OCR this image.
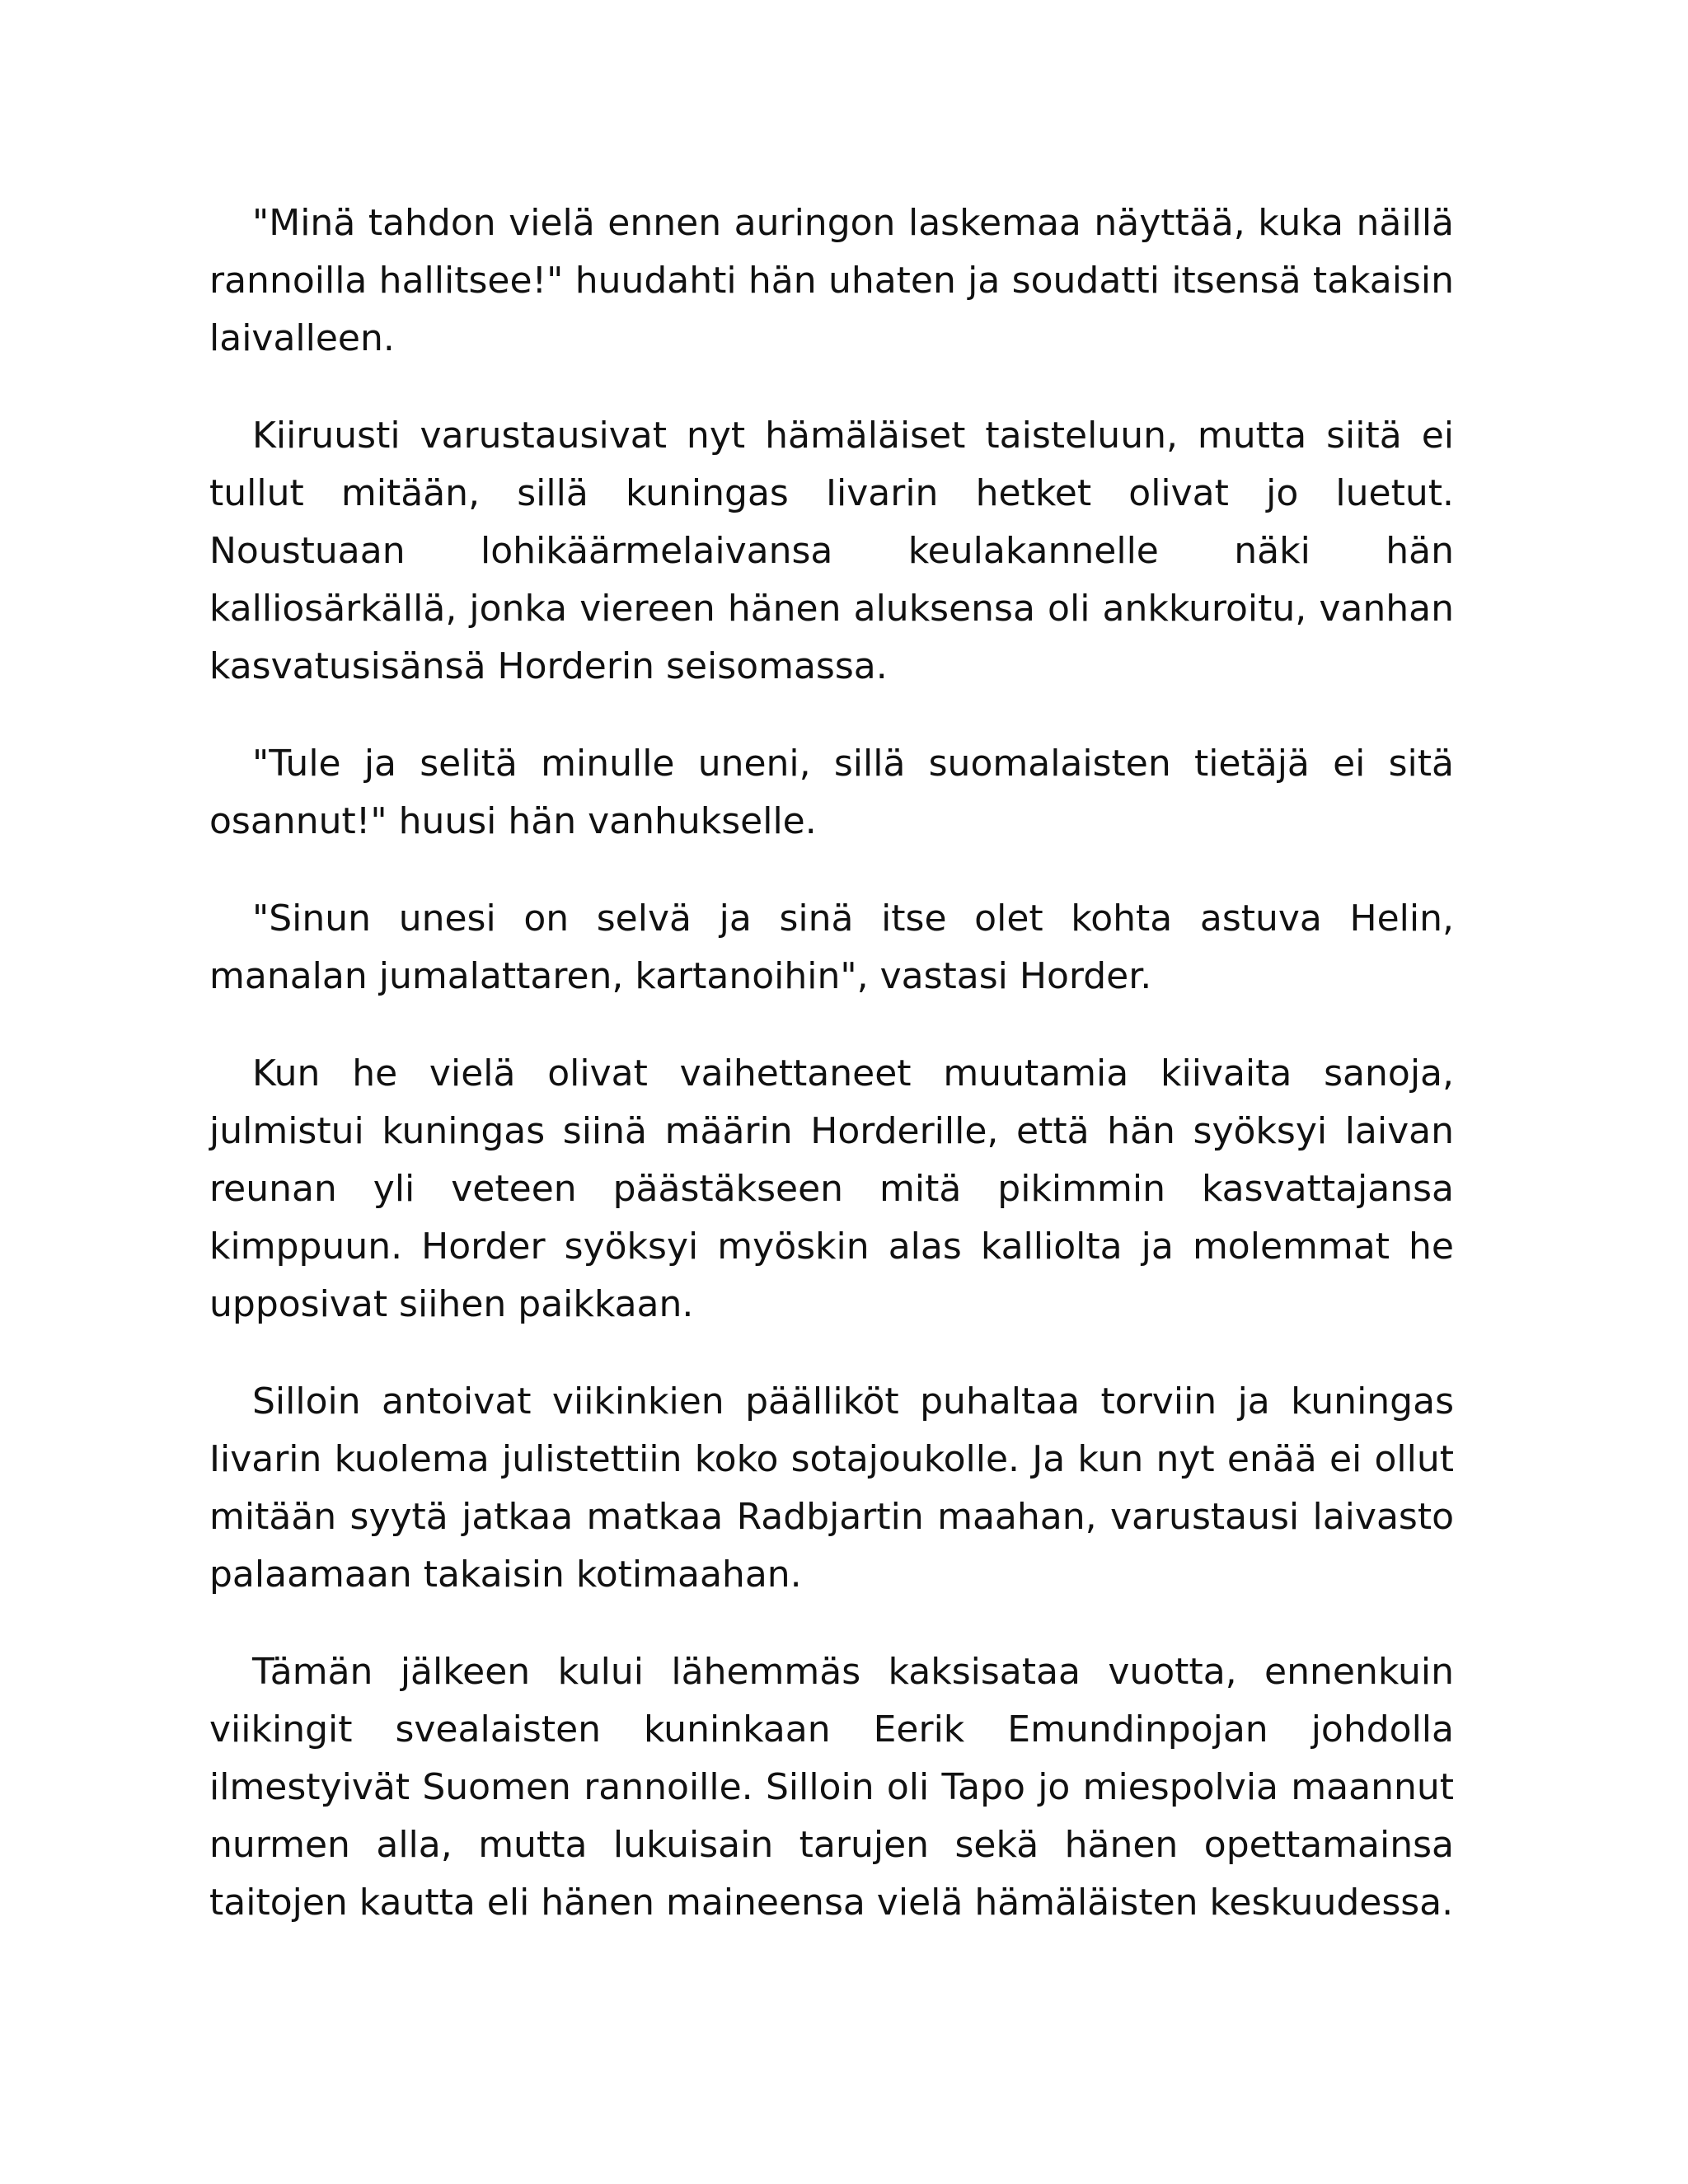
"Minä tahdon vielä ennen auringon laskemaa näyttää, kuka näillä rannoilla hallitsee!" huudahti hän uhaten ja soudatti itsensä takaisin laivalleen.

Kiiruusti varustausivat nyt hämäläiset taisteluun, mutta siitä ei tullut mitään, sillä kuningas Iivarin hetket olivat jo luetut. Noustuaan lohikäärmelaivansa keulakannelle näki hän kalliosärkällä, jonka viereen hänen aluksensa oli ankkuroitu, vanhan kasvatusisänsä Horderin seisomassa.

"Tule ja selitä minulle uneni, sillä suomalaisten tietäjä ei sitä osannut!" huusi hän vanhukselle.

"Sinun unesi on selvä ja sinä itse olet kohta astuva Helin, manalan jumalattaren, kartanoihin", vastasi Horder.

Kun he vielä olivat vaihettaneet muutamia kiivaita sanoja, julmistui kuningas siinä määrin Horderille, että hän syöksyi laivan reunan yli veteen päästäkseen mitä pikimmin kasvattajansa kimppuun. Horder syöksyi myöskin alas kalliolta ja molemmat he upposivat siihen paikkaan.

Silloin antoivat viikinkien päälliköt puhaltaa torviin ja kuningas Iivarin kuolema julistettiin koko sotajoukolle. Ja kun nyt enää ei ollut mitään syytä jatkaa matkaa Radbjartin maahan, varustausi laivasto palaamaan takaisin kotimaahan.

Tämän jälkeen kului lähemmäs kaksisataa vuotta, ennenkuin viikingit svealaisten kuninkaan Eerik Emundinpojan johdolla ilmestyivät Suomen rannoille. Silloin oli Tapo jo miespolvia maannut nurmen alla, mutta lukuisain tarujen sekä hänen opettamainsa taitojen kautta eli hänen maineensa vielä hämäläisten keskuudessa.
